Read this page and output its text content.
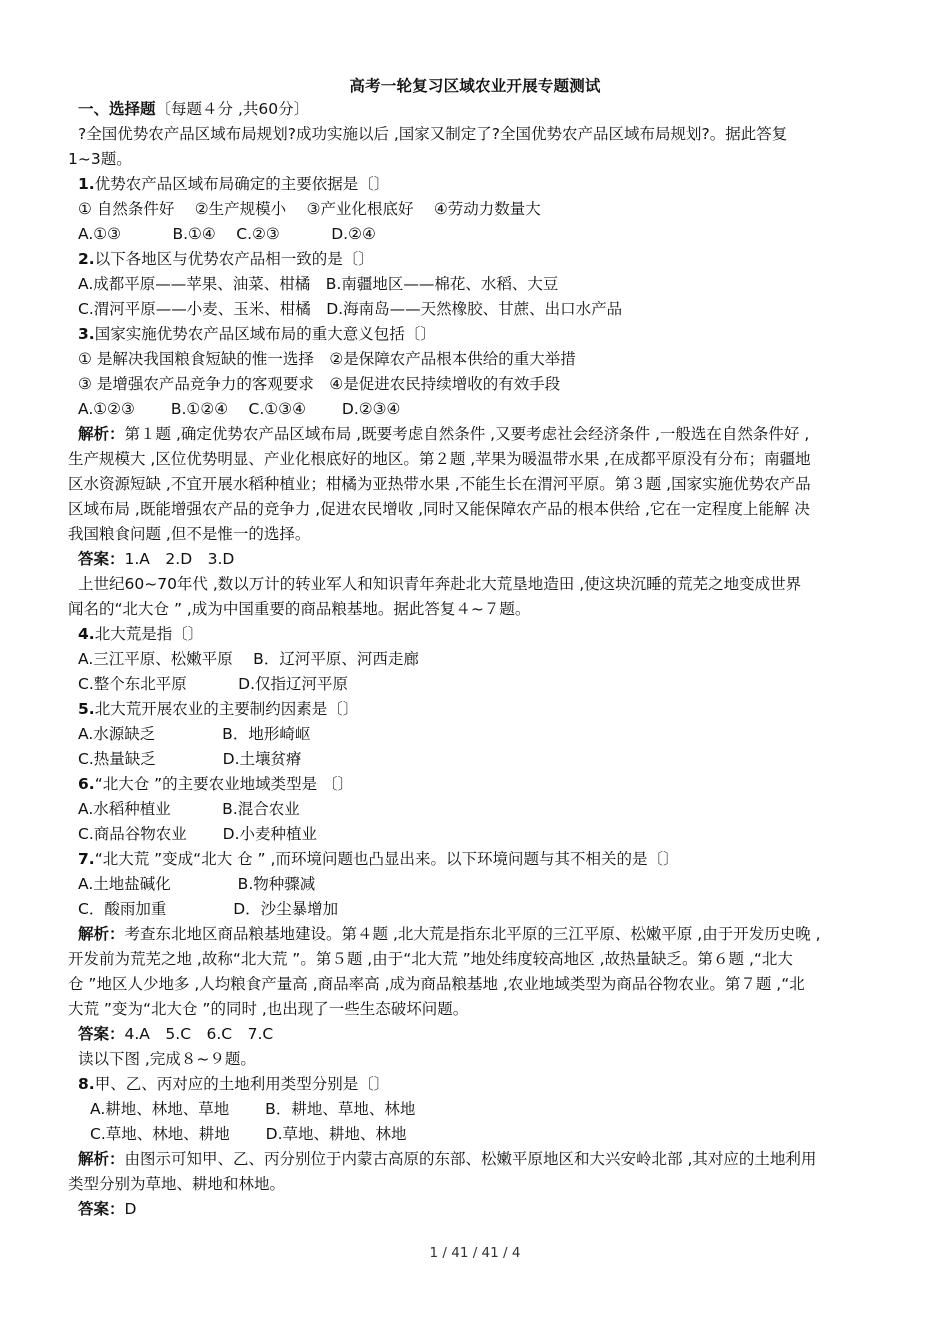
高考一轮复习区域农业开展专题测试
一、选择题〔每题４分 ,共60分〕
?全国优势农产品区域布局规划?成功实施以后 ,国家又制定了?全国优势农产品区域布局规划?。据此答复
1~3题。
1.优势农产品区域布局确定的主要依据是〔〕
① 自然条件好 　②生产规模小 　③产业化根底好 　④劳动力数量大
A.①③ 　　　B.①④ 　C.②③ 　　　D.②④
2.以下各地区与优势农产品相一致的是〔〕
A.成都平原——苹果、油菜、柑橘　B.南疆地区——棉花、水稻、大豆
C.渭河平原——小麦、玉米、柑橘　D.海南岛——天然橡胶、甘蔗、出口水产品
3.国家实施优势农产品区域布局的重大意义包括〔〕
① 是解决我国粮食短缺的惟一选择　②是保障农产品根本供给的重大举措
③ 是增强农产品竞争力的客观要求　④是促进农民持续增收的有效手段
A.①②③ 　　B.①②④ 　C.①③④ 　　D.②③④
解析：第１题 ,确定优势农产品区域布局 ,既要考虑自然条件 ,又要考虑社会经济条件 ,一般选在自然条件好 ,
生产规模大 ,区位优势明显、产业化根底好的地区。第２题 ,苹果为暖温带水果 ,在成都平原没有分布；南疆地
区水资源短缺 ,不宜开展水稻种植业；柑橘为亚热带水果 ,不能生长在渭河平原。第３题 ,国家实施优势农产品
区域布局 ,既能增强农产品的竞争力 ,促进农民增收 ,同时又能保障农产品的根本供给 ,它在一定程度上能解 决
我国粮食问题 ,但不是惟一的选择。
答案：1.A　2.D　3.D
上世纪60~70年代 ,数以万计的转业军人和知识青年奔赴北大荒垦地造田 ,使这块沉睡的荒芜之地变成世界
闻名的“北大仓 ” ,成为中国重要的商品粮基地。据此答复４~７题。
4.北大荒是指〔〕
A.三江平原、松嫩平原 　B．辽河平原、河西走廊
C.整个东北平原 　　　D.仅指辽河平原
5.北大荒开展农业的主要制约因素是〔〕
A.水源缺乏 　　　　B．地形崎岖
C.热量缺乏 　　　　D.土壤贫瘠
6.“北大仓 ”的主要农业地域类型是 〔〕
A.水稻种植业 　　　B.混合农业
C.商品谷物农业 　　D.小麦种植业
7.“北大荒 ”变成“北大 仓 ” ,而环境问题也凸显出来。以下环境问题与其不相关的是〔〕
A.土地盐碱化 　　　　B.物种骤减
C．酸雨加重 　　　　D．沙尘暴增加
解析：考查东北地区商品粮基地建设。第４题 ,北大荒是指东北平原的三江平原、松嫩平原 ,由于开发历史晚 ,
开发前为荒芜之地 ,故称“北大荒 ”。第５题 ,由于“北大荒 ”地处纬度较高地区 ,故热量缺乏。第６题 ,“北大
仓 ”地区人少地多 ,人均粮食产量高 ,商品率高 ,成为商品粮基地 ,农业地域类型为商品谷物农业。第７题 ,“北
大荒 ”变为“北大仓 ”的同时 ,也出现了一些生态破坏问题。
答案：4.A　5.C　6.C　7.C
读以下图 ,完成８~９题。
8.甲、乙、丙对应的土地利用类型分别是〔〕
A.耕地、林地、草地 　　B．耕地、草地、林地
C.草地、林地、耕地 　　D.草地、耕地、林地
解析：由图示可知甲、乙、丙分别位于内蒙古高原的东部、松嫩平原地区和大兴安岭北部 ,其对应的土地利用
类型分别为草地、耕地和林地。
答案：D
1 / 41 / 41 / 4
